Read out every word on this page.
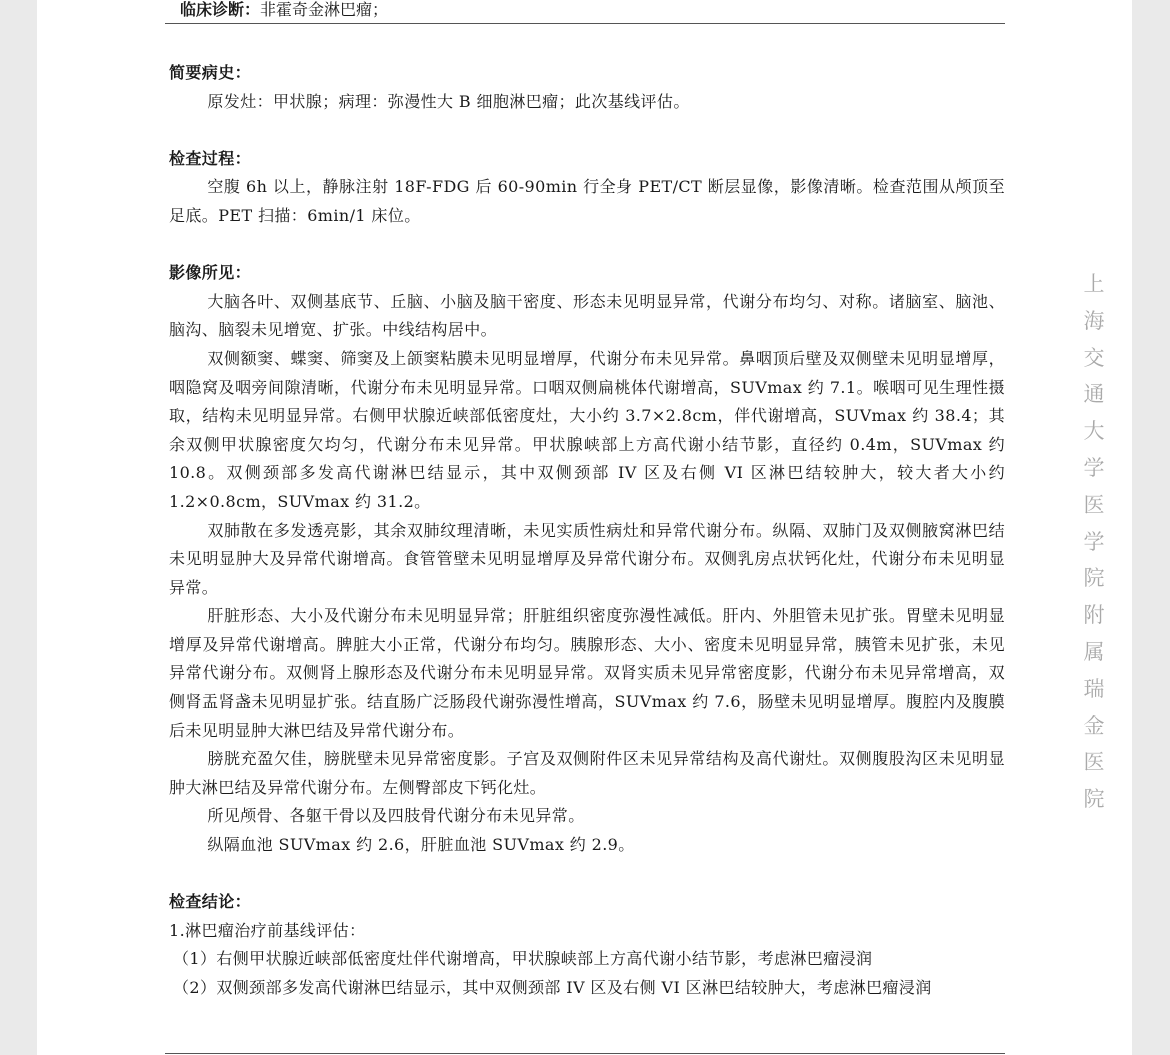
临床诊断：非霍奇金淋巴瘤；

简要病史：

原发灶：甲状腺；病理：弥漫性大 B 细胞淋巴瘤；此次基线评估。

检查过程：

空腹 6h 以上，静脉注射 18F-FDG 后 60-90min 行全身 PET/CT 断层显像，影像清晰。检查范围从颅顶至足底。PET 扫描：6min/1 床位。

影像所见：

大脑各叶、双侧基底节、丘脑、小脑及脑干密度、形态未见明显异常，代谢分布均匀、对称。诸脑室、脑池、脑沟、脑裂未见增宽、扩张。中线结构居中。

双侧额窦、蝶窦、筛窦及上颌窦粘膜未见明显增厚，代谢分布未见异常。鼻咽顶后壁及双侧壁未见明显增厚，咽隐窝及咽旁间隙清晰，代谢分布未见明显异常。口咽双侧扁桃体代谢增高，SUVmax 约 7.1。喉咽可见生理性摄取，结构未见明显异常。右侧甲状腺近峡部低密度灶，大小约 3.7×2.8cm，伴代谢增高，SUVmax 约 38.4；其余双侧甲状腺密度欠均匀，代谢分布未见异常。甲状腺峡部上方高代谢小结节影，直径约 0.4m，SUVmax 约 10.8。双侧颈部多发高代谢淋巴结显示，其中双侧颈部 IV 区及右侧 VI 区淋巴结较肿大，较大者大小约 1.2×0.8cm，SUVmax 约 31.2。

双肺散在多发透亮影，其余双肺纹理清晰，未见实质性病灶和异常代谢分布。纵隔、双肺门及双侧腋窝淋巴结未见明显肿大及异常代谢增高。食管管壁未见明显增厚及异常代谢分布。双侧乳房点状钙化灶，代谢分布未见明显异常。

肝脏形态、大小及代谢分布未见明显异常；肝脏组织密度弥漫性减低。肝内、外胆管未见扩张。胃壁未见明显增厚及异常代谢增高。脾脏大小正常，代谢分布均匀。胰腺形态、大小、密度未见明显异常，胰管未见扩张，未见异常代谢分布。双侧肾上腺形态及代谢分布未见明显异常。双肾实质未见异常密度影，代谢分布未见异常增高，双侧肾盂肾盏未见明显扩张。结直肠广泛肠段代谢弥漫性增高，SUVmax 约 7.6，肠壁未见明显增厚。腹腔内及腹膜后未见明显肿大淋巴结及异常代谢分布。

膀胱充盈欠佳，膀胱壁未见异常密度影。子宫及双侧附件区未见异常结构及高代谢灶。双侧腹股沟区未见明显肿大淋巴结及异常代谢分布。左侧臀部皮下钙化灶。

所见颅骨、各躯干骨以及四肢骨代谢分布未见异常。

纵隔血池 SUVmax 约 2.6，肝脏血池 SUVmax 约 2.9。

检查结论：

1.淋巴瘤治疗前基线评估：

（1）右侧甲状腺近峡部低密度灶伴代谢增高，甲状腺峡部上方高代谢小结节影，考虑淋巴瘤浸润

（2）双侧颈部多发高代谢淋巴结显示，其中双侧颈部 IV 区及右侧 VI 区淋巴结较肿大，考虑淋巴瘤浸润

上海交通大学医学院附属瑞金医院
